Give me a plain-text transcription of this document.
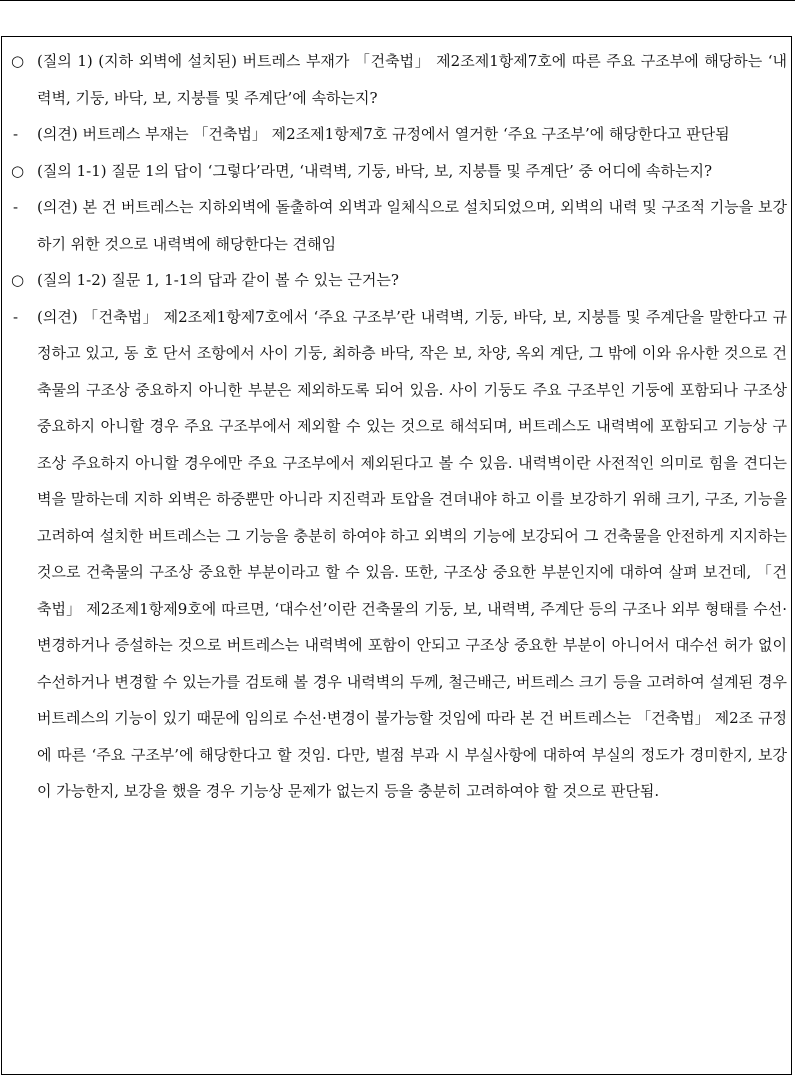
○ (질의 1) (지하 외벽에 설치된) 버트레스 부재가 「건축법」 제2조제1항제7호에 따른 주요 구조부에 해당하는 ‘내력벽, 기둥, 바닥, 보, 지붕틀 및 주계단’에 속하는지?
- (의견) 버트레스 부재는 「건축법」 제2조제1항제7호 규정에서 열거한 ‘주요 구조부’에 해당한다고 판단됨
○ (질의 1-1) 질문 1의 답이 ‘그렇다’라면, ‘내력벽, 기둥, 바닥, 보, 지붕틀 및 주계단’ 중 어디에 속하는지?
- (의견) 본 건 버트레스는 지하외벽에 돌출하여 외벽과 일체식으로 설치되었으며, 외벽의 내력 및 구조적 기능을 보강하기 위한 것으로 내력벽에 해당한다는 견해임
○ (질의 1-2) 질문 1, 1-1의 답과 같이 볼 수 있는 근거는?
- (의견) 「건축법」 제2조제1항제7호에서 ‘주요 구조부’란 내력벽, 기둥, 바닥, 보, 지붕틀 및 주계단을 말한다고 규정하고 있고, 동 호 단서 조항에서 사이 기둥, 최하층 바닥, 작은 보, 차양, 옥외 계단, 그 밖에 이와 유사한 것으로 건축물의 구조상 중요하지 아니한 부분은 제외하도록 되어 있음. 사이 기둥도 주요 구조부인 기둥에 포함되나 구조상 중요하지 아니할 경우 주요 구조부에서 제외할 수 있는 것으로 해석되며, 버트레스도 내력벽에 포함되고 기능상 구조상 주요하지 아니할 경우에만 주요 구조부에서 제외된다고 볼 수 있음. 내력벽이란 사전적인 의미로 힘을 견디는 벽을 말하는데 지하 외벽은 하중뿐만 아니라 지진력과 토압을 견뎌내야 하고 이를 보강하기 위해 크기, 구조, 기능을 고려하여 설치한 버트레스는 그 기능을 충분히 하여야 하고 외벽의 기능에 보강되어 그 건축물을 안전하게 지지하는 것으로 건축물의 구조상 중요한 부분이라고 할 수 있음. 또한, 구조상 중요한 부분인지에 대하여 살펴 보건데, 「건축법」 제2조제1항제9호에 따르면, ‘대수선’이란 건축물의 기둥, 보, 내력벽, 주계단 등의 구조나 외부 형태를 수선·변경하거나 증설하는 것으로 버트레스는 내력벽에 포함이 안되고 구조상 중요한 부분이 아니어서 대수선 허가 없이 수선하거나 변경할 수 있는가를 검토해 볼 경우 내력벽의 두께, 철근배근, 버트레스 크기 등을 고려하여 설계된 경우 버트레스의 기능이 있기 때문에 임의로 수선·변경이 불가능할 것임에 따라 본 건 버트레스는 「건축법」 제2조 규정에 따른 ‘주요 구조부’에 해당한다고 할 것임. 다만, 벌점 부과 시 부실사항에 대하여 부실의 정도가 경미한지, 보강이 가능한지, 보강을 했을 경우 기능상 문제가 없는지 등을 충분히 고려하여야 할 것으로 판단됨.
